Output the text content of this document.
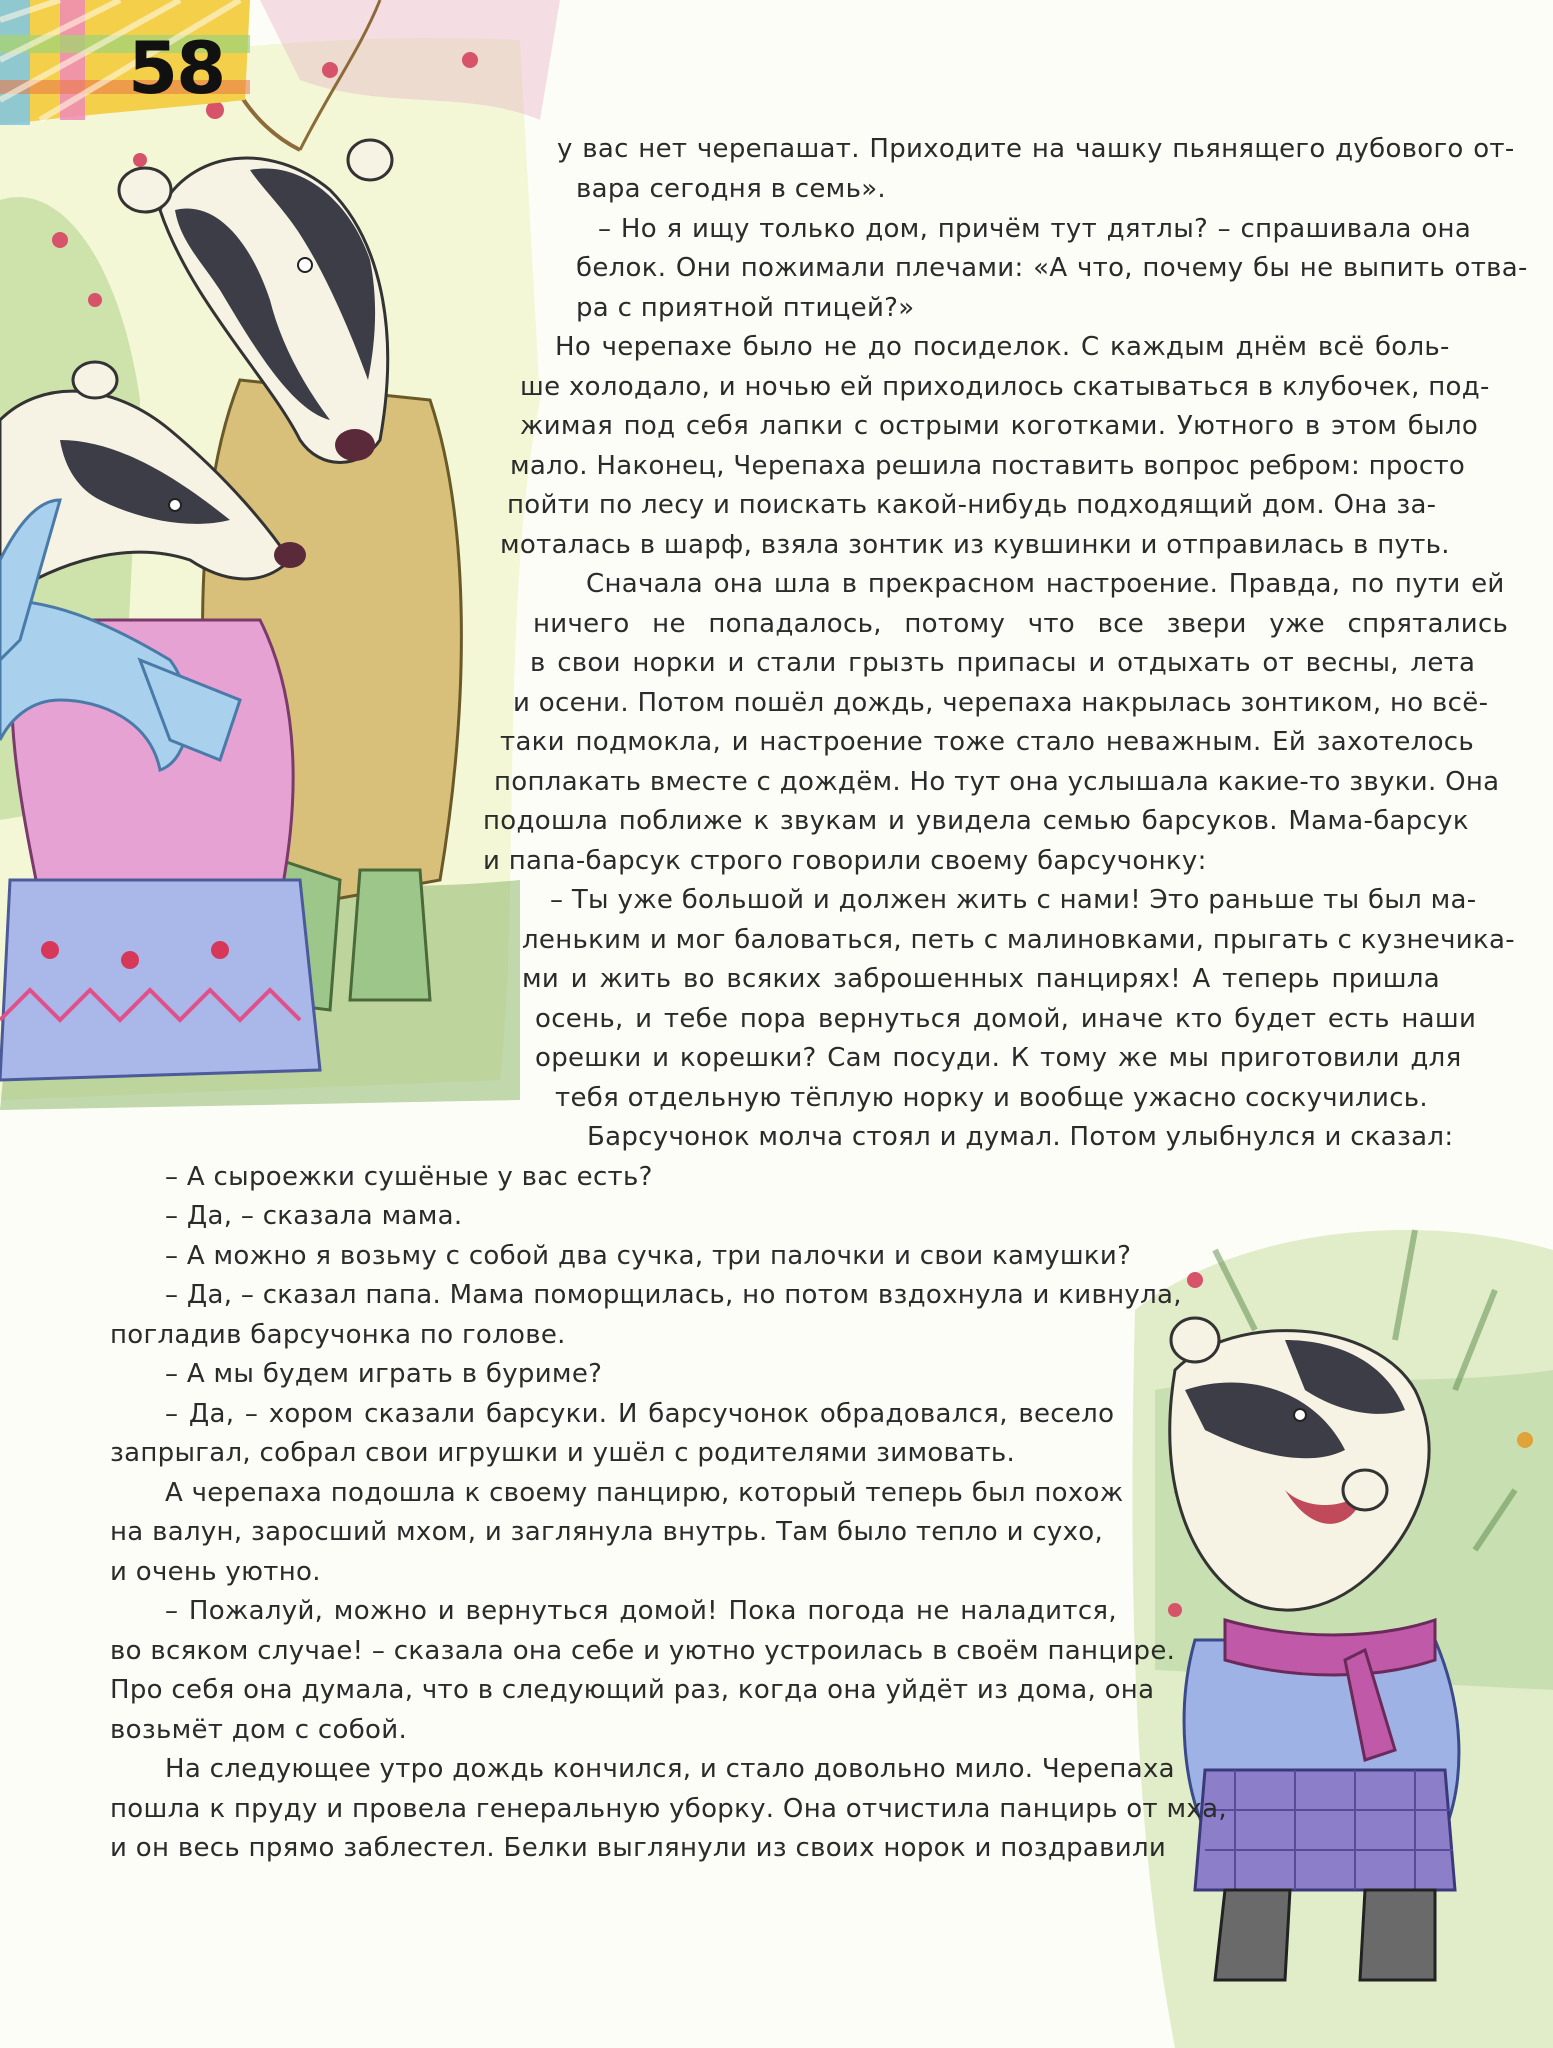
58

у вас нет черепашат. Приходите на чашку пьянящего дубового от-

вара сегодня в семь».

– Но я ищу только дом, причём тут дятлы? – спрашивала она

белок. Они пожимали плечами: «А что, почему бы не выпить отва-

ра с приятной птицей?»

Но черепахе было не до посиделок. С каждым днём всё боль-

ше холодало, и ночью ей приходилось скатываться в клубочек, под-

жимая под себя лапки с острыми коготками. Уютного в этом было

мало. Наконец, Черепаха решила поставить вопрос ребром: просто

пойти по лесу и поискать какой-нибудь подходящий дом. Она за-

моталась в шарф, взяла зонтик из кувшинки и отправилась в путь.

Сначала она шла в прекрасном настроение. Правда, по пути ей

ничего не попадалось, потому что все звери уже спрятались

в свои норки и стали грызть припасы и отдыхать от весны, лета

и осени. Потом пошёл дождь, черепаха накрылась зонтиком, но всё-

таки подмокла, и настроение тоже стало неважным. Ей захотелось

поплакать вместе с дождём. Но тут она услышала какие-то звуки. Она

подошла поближе к звукам и увидела семью барсуков. Мама-барсук

и папа-барсук строго говорили своему барсучонку:

– Ты уже большой и должен жить с нами! Это раньше ты был ма-

леньким и мог баловаться, петь с малиновками, прыгать с кузнечика-

ми и жить во всяких заброшенных панцирях! А теперь пришла

осень, и тебе пора вернуться домой, иначе кто будет есть наши

орешки и корешки? Сам посуди. К тому же мы приготовили для

тебя отдельную тёплую норку и вообще ужасно соскучились.

Барсучонок молча стоял и думал. Потом улыбнулся и сказал:

– А сыроежки сушёные у вас есть?

– Да, – сказала мама.

– А можно я возьму с собой два сучка, три палочки и свои камушки?

– Да, – сказал папа. Мама поморщилась, но потом вздохнула и кивнула,

погладив барсучонка по голове.

– А мы будем играть в буриме?

– Да, – хором сказали барсуки. И барсучонок обрадовался, весело

запрыгал, собрал свои игрушки и ушёл с родителями зимовать.

А черепаха подошла к своему панцирю, который теперь был похож

на валун, заросший мхом, и заглянула внутрь. Там было тепло и сухо,

и очень уютно.

– Пожалуй, можно и вернуться домой! Пока погода не наладится,

во всяком случае! – сказала она себе и уютно устроилась в своём панцире.

Про себя она думала, что в следующий раз, когда она уйдёт из дома, она

возьмёт дом с собой.

На следующее утро дождь кончился, и стало довольно мило. Черепаха

пошла к пруду и провела генеральную уборку. Она отчистила панцирь от мха,

и он весь прямо заблестел. Белки выглянули из своих норок и поздравили
